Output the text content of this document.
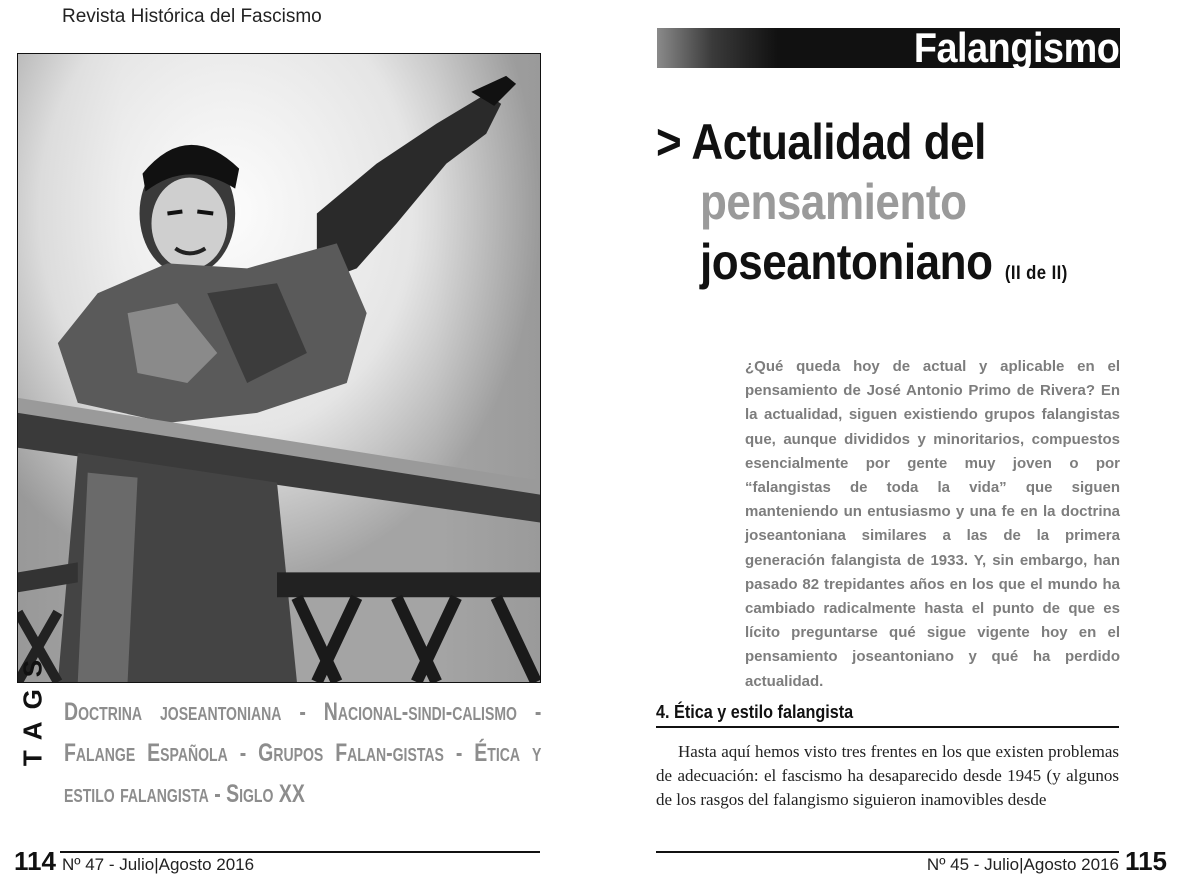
Revista Histórica del Fascismo
TAGS Doctrina joseantoniana - Nacional-sindi-calismo - Falange Española - Grupos Falan-gistas - Ética y estilo falangista - Siglo XX
114 Nº 47 - Julio|Agosto 2016
Falangismo
> Actualidad del
pensamiento
joseantoniano (II de II)
¿Qué queda hoy de actual y aplicable en el pensamiento de José Antonio Primo de Rivera? En la actualidad, siguen existiendo grupos falangistas que, aunque divididos y minoritarios, compuestos esencialmente por gente muy joven o por “falangistas de toda la vida” que siguen manteniendo un entusiasmo y una fe en la doctrina joseantoniana similares a las de la primera generación falangista de 1933. Y, sin embargo, han pasado 82 trepidantes años en los que el mundo ha cambiado radicalmente hasta el punto de que es lícito preguntarse qué sigue vigente hoy en el pensamiento joseantoniano y qué ha perdido actualidad.
4. Ética y estilo falangista
Hasta aquí hemos visto tres frentes en los que existen problemas de adecuación: el fascismo ha desaparecido desde 1945 (y algunos de los rasgos del falangismo siguieron inamovibles desde
Nº 45 - Julio|Agosto 2016 115
